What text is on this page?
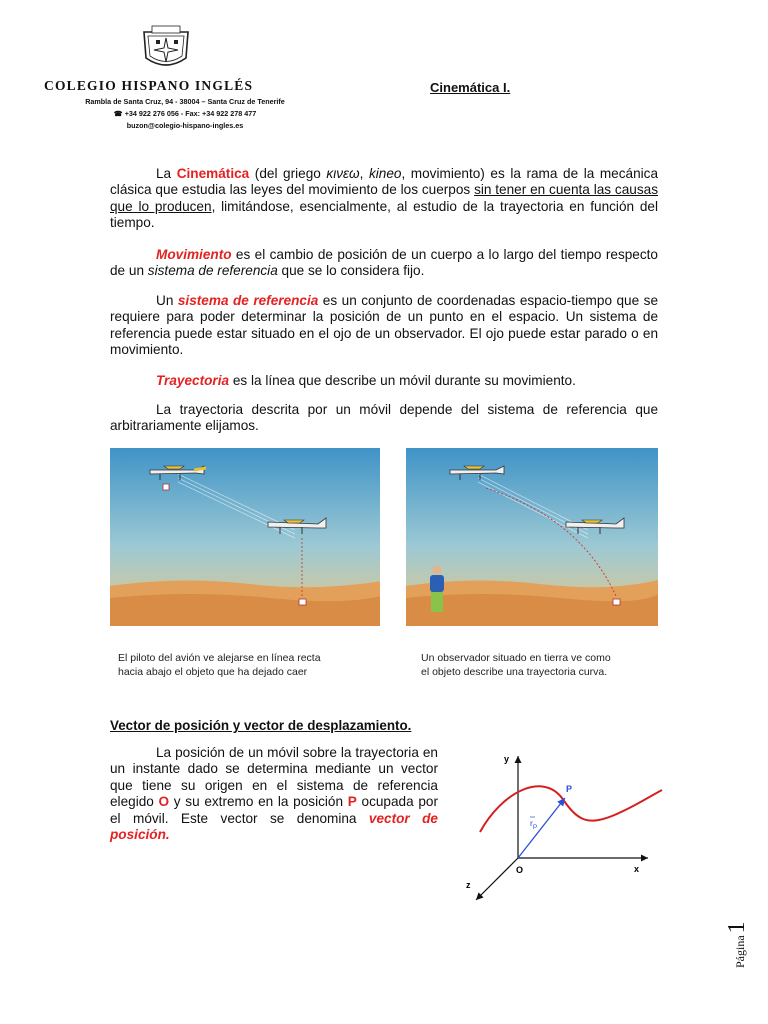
COLEGIO HISPANO INGLÉS
Rambla de Santa Cruz, 94 - 38004 – Santa Cruz de Tenerife
☎ +34 922 276 056 - Fax: +34 922 278 477
buzon@colegio-hispano-ingles.es
Cinemática I.
La Cinemática (del griego κινεω, kineo, movimiento) es la rama de la mecánica clásica que estudia las leyes del movimiento de los cuerpos sin tener en cuenta las causas que lo producen, limitándose, esencialmente, al estudio de la trayectoria en función del tiempo.
Movimiento es el cambio de posición de un cuerpo a lo largo del tiempo respecto de un sistema de referencia que se lo considera fijo.
Un sistema de referencia es un conjunto de coordenadas espacio-tiempo que se requiere para poder determinar la posición de un punto en el espacio. Un sistema de referencia puede estar situado en el ojo de un observador. El ojo puede estar parado o en movimiento.
Trayectoria es la línea que describe un móvil durante su movimiento.
La trayectoria descrita por un móvil depende del sistema de referencia que arbitrariamente elijamos.
El piloto del avión ve alejarse en línea recta
hacia abajo el objeto que ha dejado caer
Un observador situado en tierra ve como
el objeto describe una trayectoria curva.
Vector de posición y vector de desplazamiento.
La posición de un móvil sobre la trayectoria en un instante dado se determina mediante un vector que tiene su origen en el sistema de referencia elegido O y su extremo en la posición P ocupada por el móvil. Este vector se denomina vector de posición.
y
x
z
O
P
$r_P$
Página1
